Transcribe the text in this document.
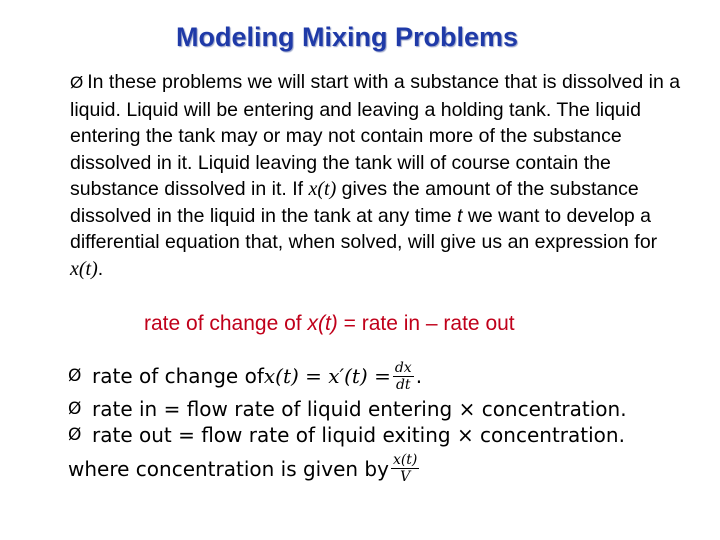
Modeling Mixing Problems
Ø In these problems we will start with a substance that is dissolved in a liquid. Liquid will be entering and leaving a holding tank. The liquid entering the tank may or may not contain more of the substance dissolved in it. Liquid leaving the tank will of course contain the substance dissolved in it. If x(t) gives the amount of the substance dissolved in the liquid in the tank at any time t we want to develop a differential equation that, when solved, will give us an expression for x(t).
rate of change of x(t) = rate in – rate out
Ø rate of change of $x(t) = x'(t) = \frac{dx}{dt}$ .
Ø rate in = flow rate of liquid entering × concentration.
Ø rate out = flow rate of liquid exiting × concentration.
where concentration is given by $\frac{x(t)}{V}$
